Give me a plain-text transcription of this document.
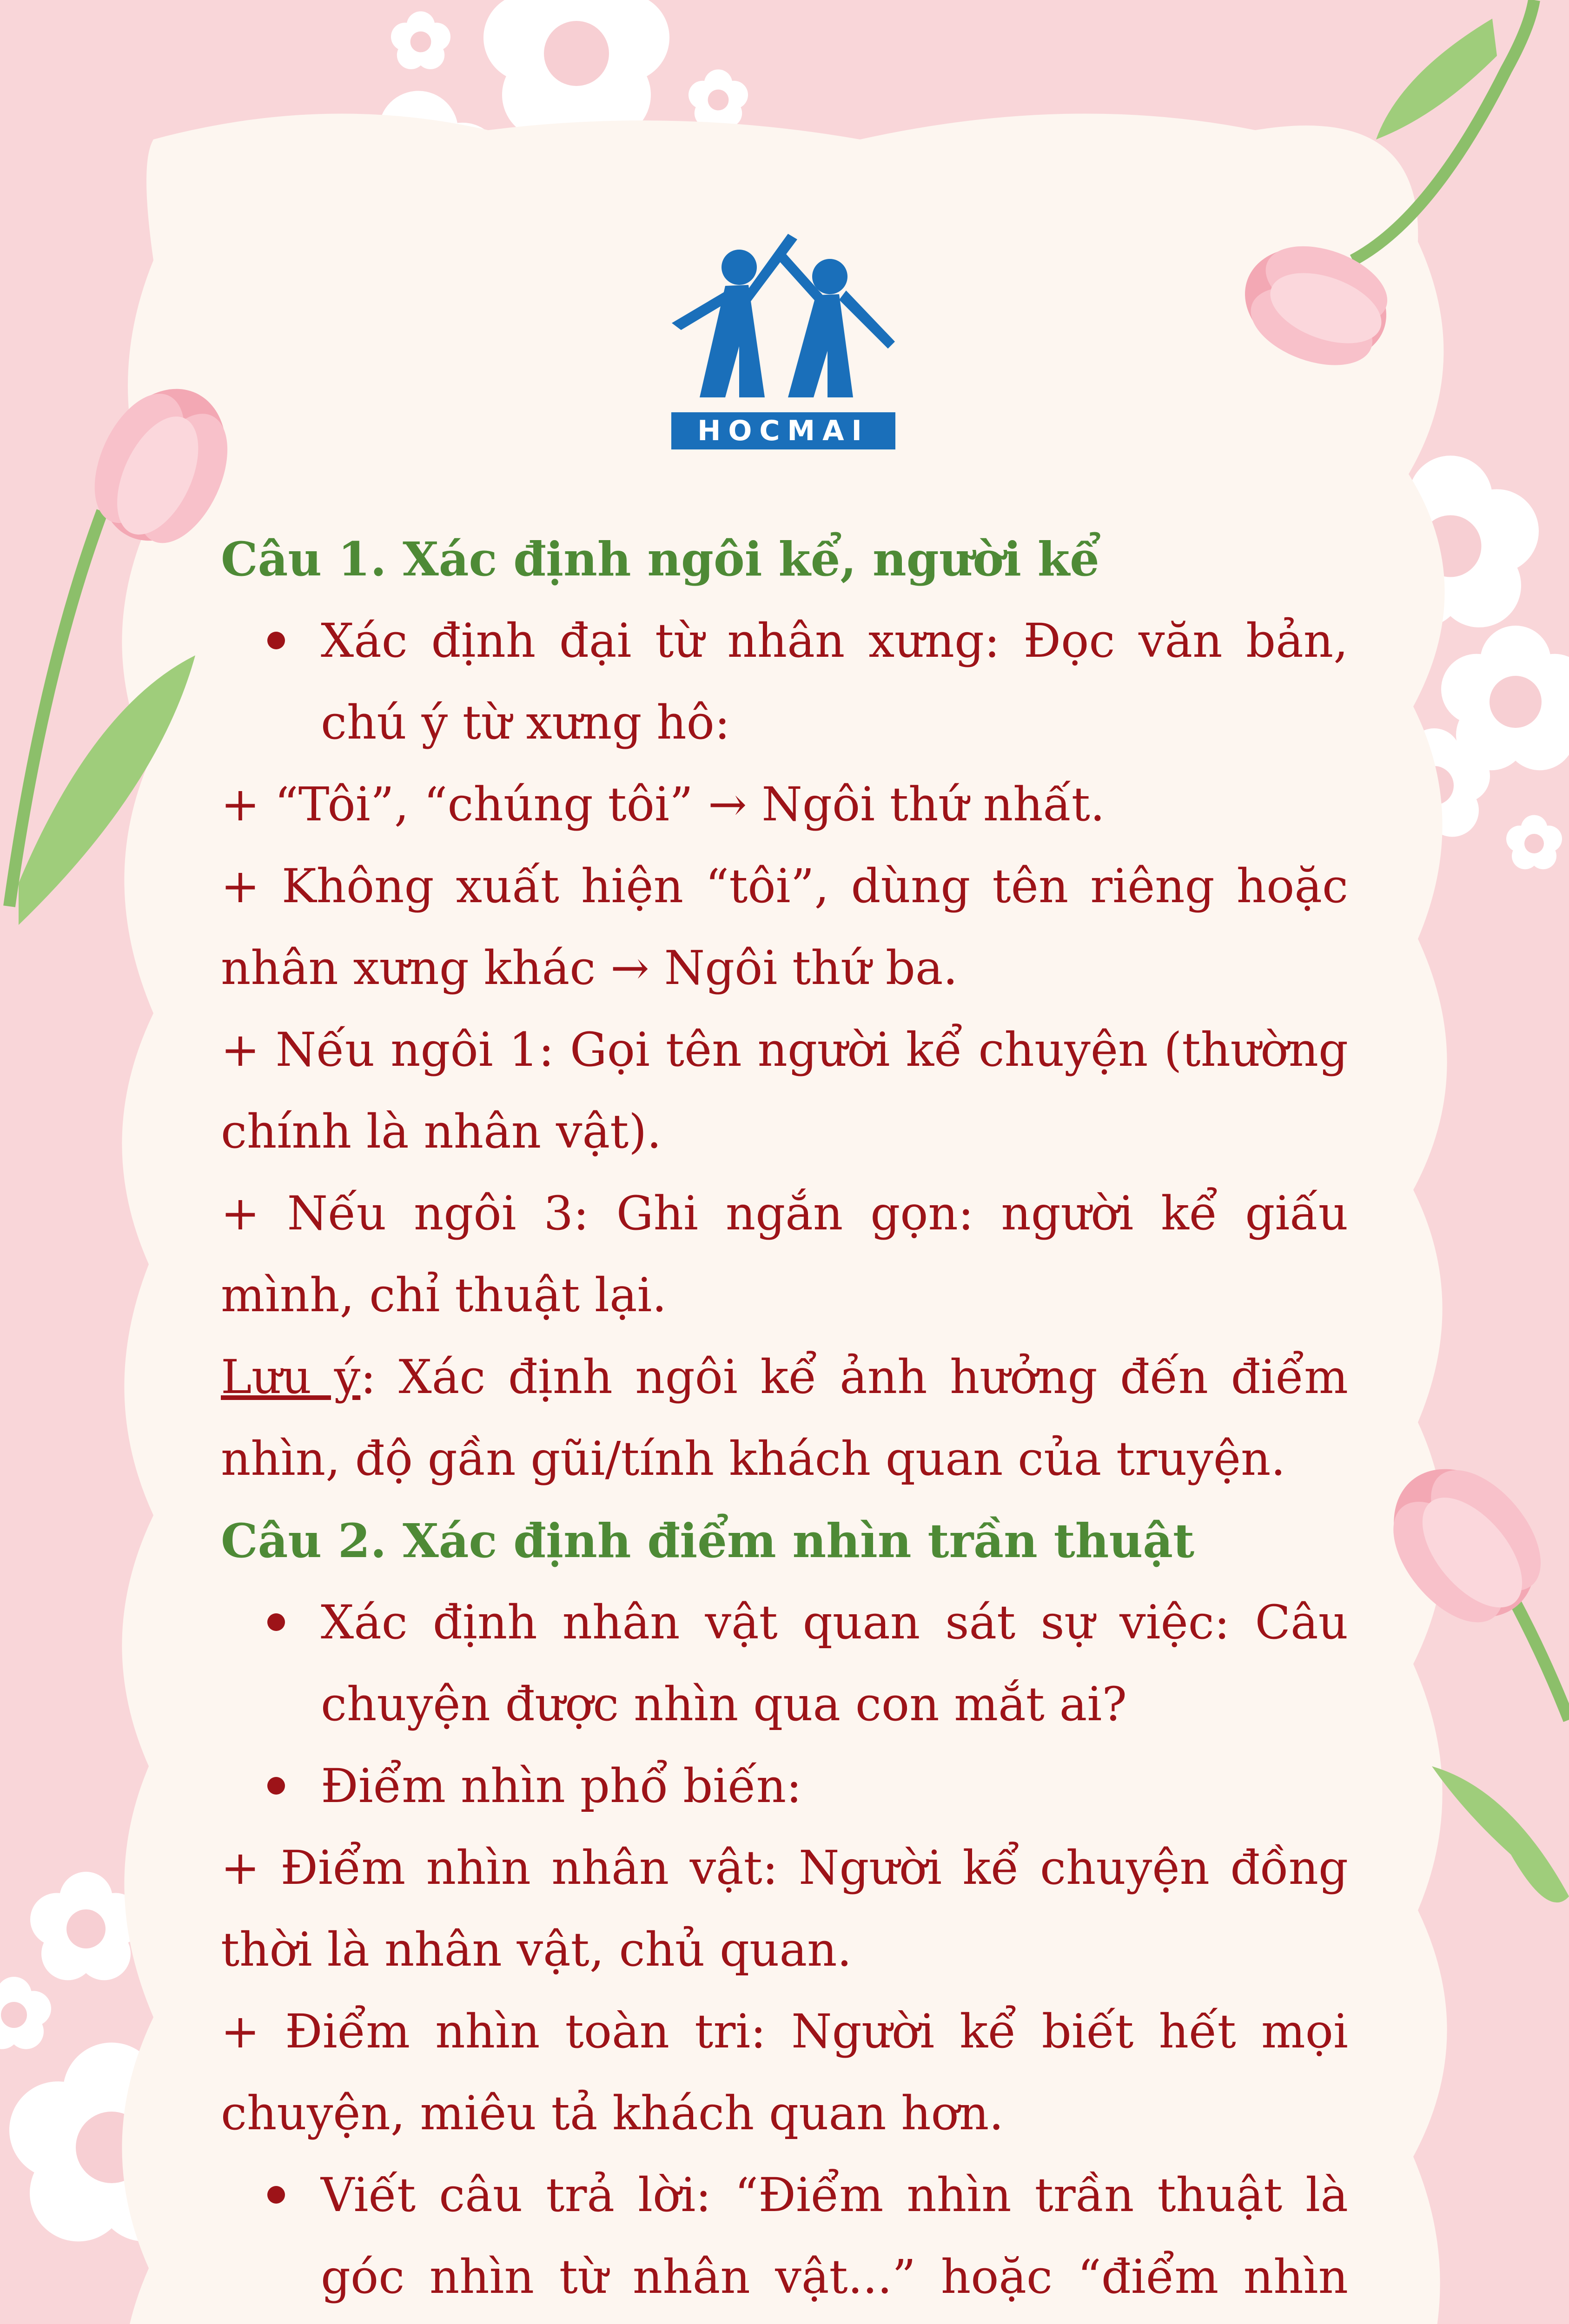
HOCMAI

Câu 1. Xác định ngôi kể, người kể

Xác định đại từ nhân xưng: Đọc văn bản, chú ý từ xưng hô:

+ “Tôi”, “chúng tôi” → Ngôi thứ nhất.

+ Không xuất hiện “tôi”, dùng tên riêng hoặc nhân xưng khác → Ngôi thứ ba.

+ Nếu ngôi 1: Gọi tên người kể chuyện (thường chính là nhân vật).

+ Nếu ngôi 3: Ghi ngắn gọn: người kể giấu mình, chỉ thuật lại.

Lưu ý: Xác định ngôi kể ảnh hưởng đến điểm nhìn, độ gần gũi/tính khách quan của truyện.

Câu 2. Xác định điểm nhìn trần thuật

Xác định nhân vật quan sát sự việc: Câu chuyện được nhìn qua con mắt ai?

Điểm nhìn phổ biến:

+ Điểm nhìn nhân vật: Người kể chuyện đồng thời là nhân vật, chủ quan.

+ Điểm nhìn toàn tri: Người kể biết hết mọi chuyện, miêu tả khách quan hơn.

Viết câu trả lời: “Điểm nhìn trần thuật là góc nhìn từ nhân vật...” hoặc “điểm nhìn
